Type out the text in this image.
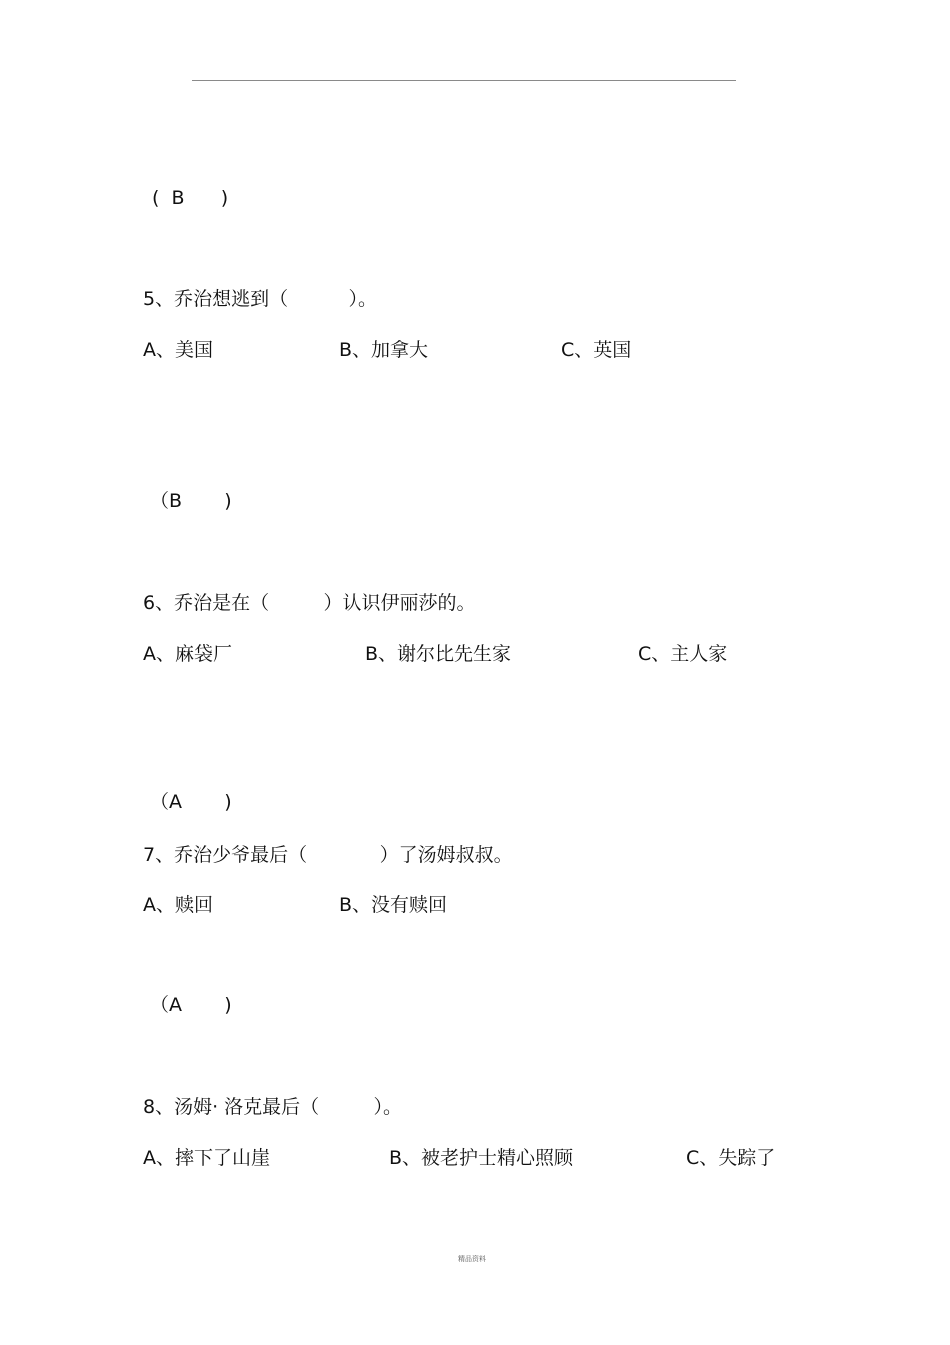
(  B      )
5、乔治想逃到（          ）。
A、美国	B、加拿大	C、英国
（B       )
6、乔治是在（         ）认识伊丽莎的。
A、麻袋厂	B、谢尔比先生家	C、主人家
（A       )
7、乔治少爷最后（            ）了汤姆叔叔。
A、赎回	B、没有赎回
（A       )
8、汤姆· 洛克最后（         ）。
A、摔下了山崖	B、被老护士精心照顾	C、失踪了
精品资料
